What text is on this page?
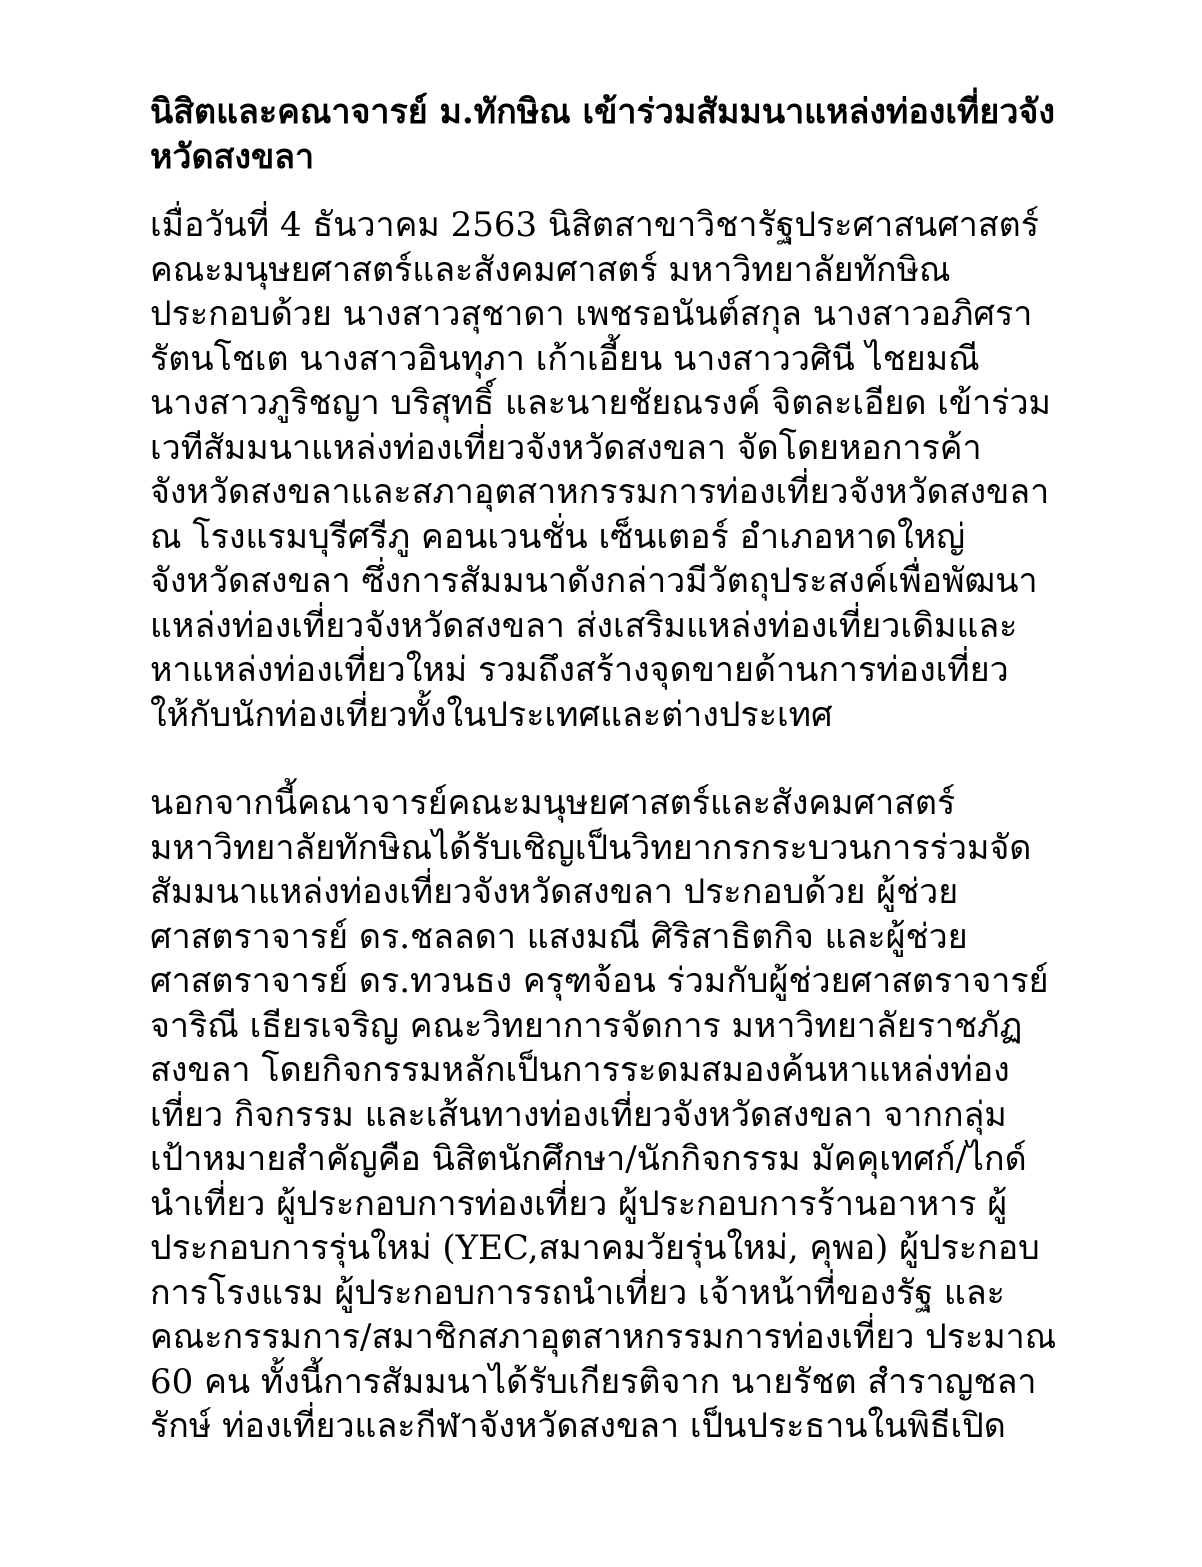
นิสิตและคณาจารย์ ม.ทักษิณ เข้าร่วมสัมมนาแหล่งท่องเที่ยวจัง
หวัดสงขลา
เมื่อวันที่ 4 ธันวาคม 2563 นิสิตสาขาวิชารัฐประศาสนศาสตร์
คณะมนุษยศาสตร์และสังคมศาสตร์ มหาวิทยาลัยทักษิณ
ประกอบด้วย นางสาวสุชาดา เพชรอนันต์สกุล นางสาวอภิศรา
รัตนโชเต นางสาวอินทุภา เก้าเอี้ยน นางสาววศินี ไชยมณี
นางสาวภูริชญา บริสุทธิ์ และนายชัยณรงค์ จิตละเอียด เข้าร่วม
เวทีสัมมนาแหล่งท่องเที่ยวจังหวัดสงขลา จัดโดยหอการค้า
จังหวัดสงขลาและสภาอุตสาหกรรมการท่องเที่ยวจังหวัดสงขลา
ณ โรงแรมบุรีศรีภู คอนเวนชั่น เซ็นเตอร์ อำเภอหาดใหญ่
จังหวัดสงขลา ซึ่งการสัมมนาดังกล่าวมีวัตถุประสงค์เพื่อพัฒนา
แหล่งท่องเที่ยวจังหวัดสงขลา ส่งเสริมแหล่งท่องเที่ยวเดิมและ
หาแหล่งท่องเที่ยวใหม่ รวมถึงสร้างจุดขายด้านการท่องเที่ยว
ให้กับนักท่องเที่ยวทั้งในประเทศและต่างประเทศ
นอกจากนี้คณาจารย์คณะมนุษยศาสตร์และสังคมศาสตร์
มหาวิทยาลัยทักษิณได้รับเชิญเป็นวิทยากรกระบวนการร่วมจัด
สัมมนาแหล่งท่องเที่ยวจังหวัดสงขลา ประกอบด้วย ผู้ช่วย
ศาสตราจารย์ ดร.ชลลดา แสงมณี ศิริสาธิตกิจ และผู้ช่วย
ศาสตราจารย์ ดร.ทวนธง ครุฑจ้อน ร่วมกับผู้ช่วยศาสตราจารย์
จาริณี เธียรเจริญ คณะวิทยาการจัดการ มหาวิทยาลัยราชภัฏ
สงขลา โดยกิจกรรมหลักเป็นการระดมสมองค้นหาแหล่งท่อง
เที่ยว กิจกรรม และเส้นทางท่องเที่ยวจังหวัดสงขลา จากกลุ่ม
เป้าหมายสำคัญคือ นิสิตนักศึกษา/นักกิจกรรม มัคคุเทศก์/ไกด์
นำเที่ยว ผู้ประกอบการท่องเที่ยว ผู้ประกอบการร้านอาหาร ผู้
ประกอบการรุ่นใหม่ (YEC,สมาคมวัยรุ่นใหม่, คุพอ) ผู้ประกอบ
การโรงแรม ผู้ประกอบการรถนำเที่ยว เจ้าหน้าที่ของรัฐ และ
คณะกรรมการ/สมาชิกสภาอุตสาหกรรมการท่องเที่ยว ประมาณ
60 คน ทั้งนี้การสัมมนาได้รับเกียรติจาก นายรัชต สำราญชลา
รักษ์ ท่องเที่ยวและกีฬาจังหวัดสงขลา เป็นประธานในพิธีเปิด
